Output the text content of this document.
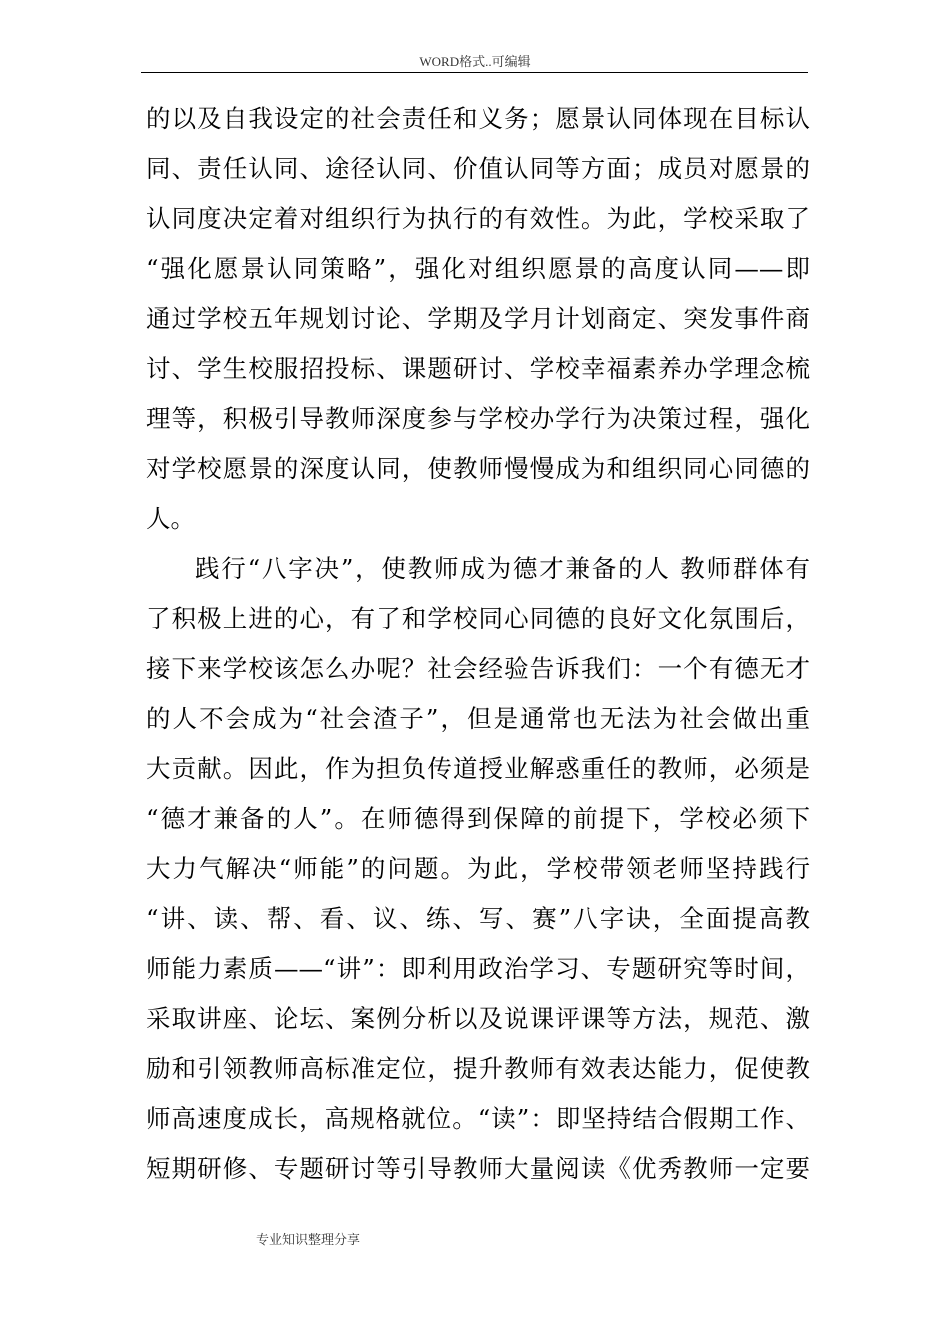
WORD格式..可编辑
的以及自我设定的社会责任和义务；愿景认同体现在目标认
同、责任认同、途径认同、价值认同等方面；成员对愿景的
认同度决定着对组织行为执行的有效性。为此，学校采取了
“强化愿景认同策略”，强化对组织愿景的高度认同——即
通过学校五年规划讨论、学期及学月计划商定、突发事件商
讨、学生校服招投标、课题研讨、学校幸福素养办学理念梳
理等，积极引导教师深度参与学校办学行为决策过程，强化
对学校愿景的深度认同，使教师慢慢成为和组织同心同德的
人。
践行“八字决”，使教师成为德才兼备的人 教师群体有
了积极上进的心，有了和学校同心同德的良好文化氛围后，
接下来学校该怎么办呢？社会经验告诉我们：一个有德无才
的人不会成为“社会渣子”，但是通常也无法为社会做出重
大贡献。因此，作为担负传道授业解惑重任的教师，必须是
“德才兼备的人”。在师德得到保障的前提下，学校必须下
大力气解决“师能”的问题。为此，学校带领老师坚持践行
“讲、读、帮、看、议、练、写、赛”八字诀，全面提高教
师能力素质——“讲”：即利用政治学习、专题研究等时间，
采取讲座、论坛、案例分析以及说课评课等方法，规范、激
励和引领教师高标准定位，提升教师有效表达能力，促使教
师高速度成长，高规格就位。“读”：即坚持结合假期工作、
短期研修、专题研讨等引导教师大量阅读《优秀教师一定要
专业知识整理分享
